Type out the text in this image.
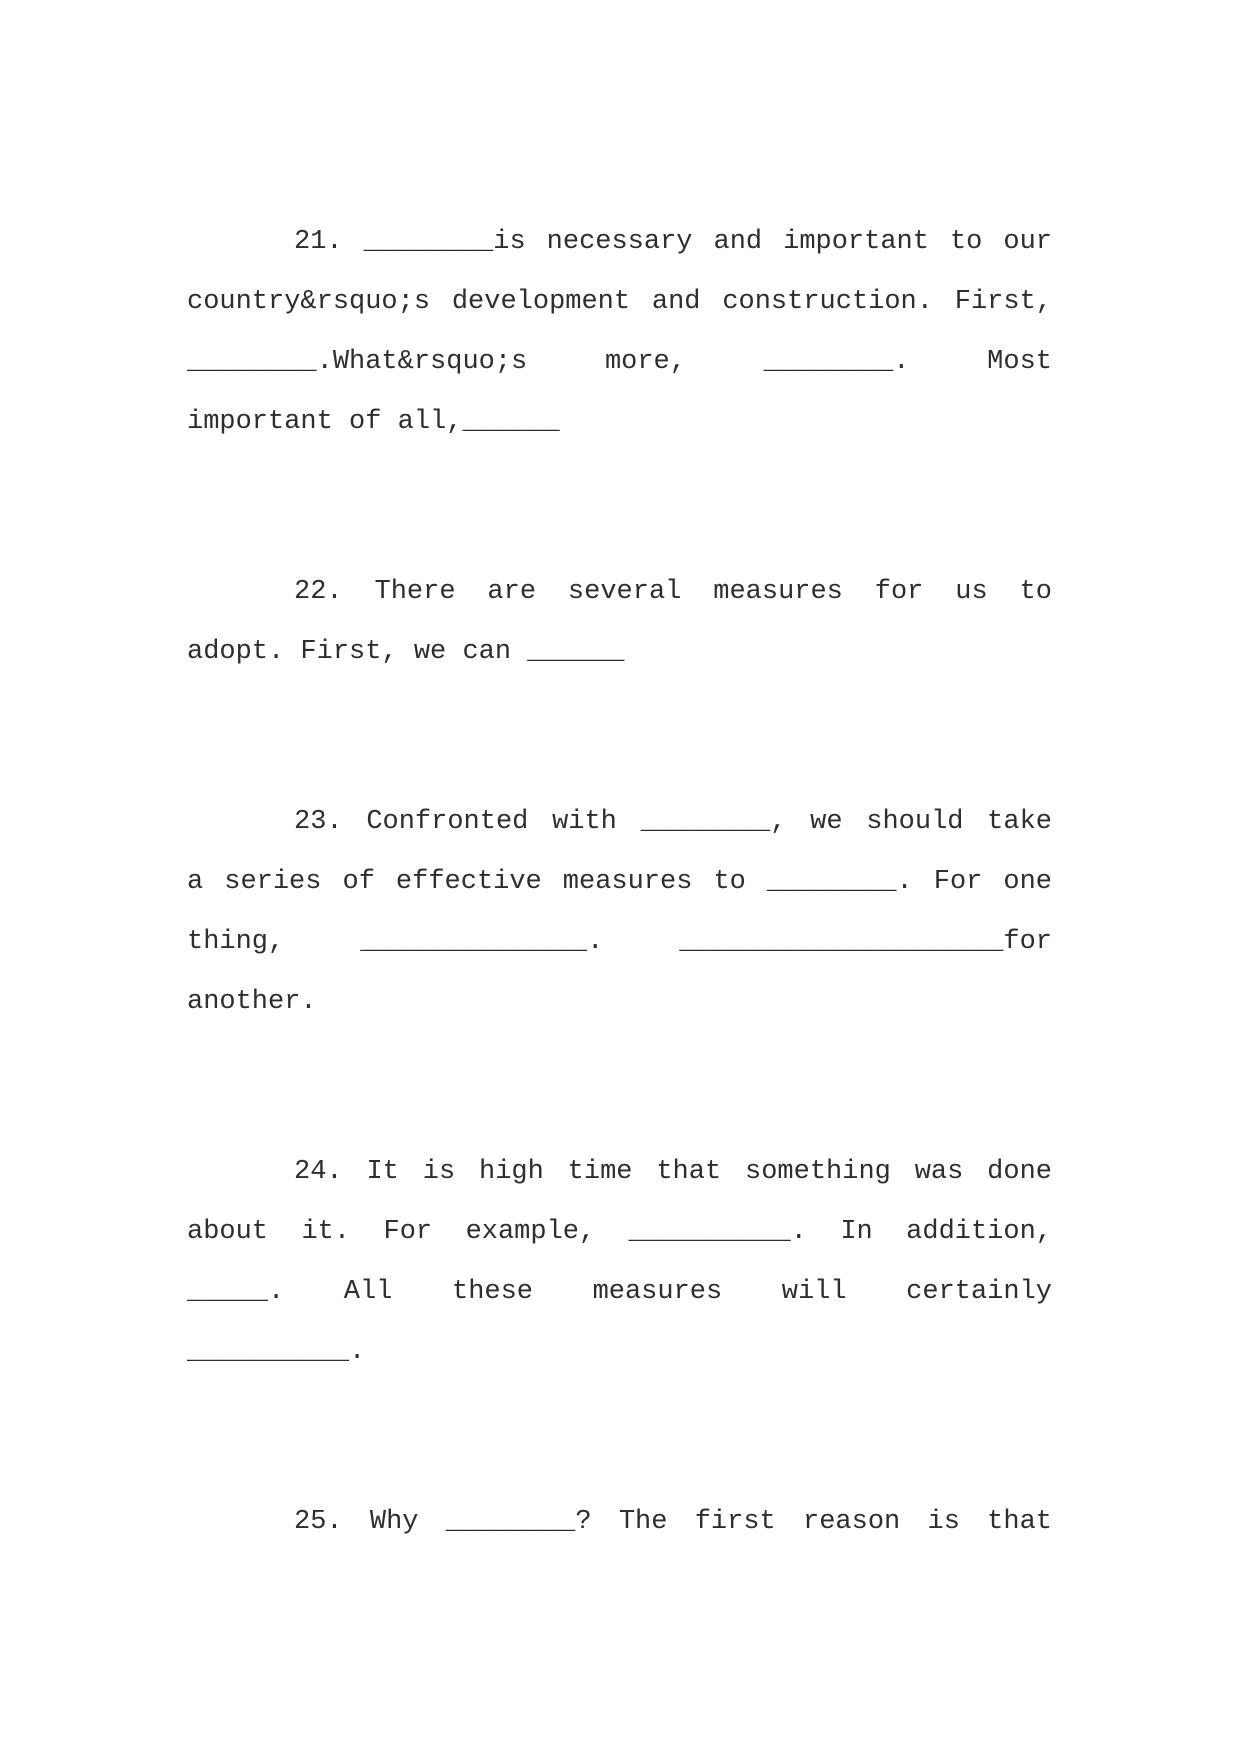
21. ________is necessary and important to our
country&rsquo;s development and construction. First,
________.What&rsquo;s more, ________. Most
important of all,______

22. There are several measures for us to
adopt. First, we can ______

23. Confronted with ________, we should take
a series of effective measures to ________. For one
thing, ______________. ____________________for
another.

24. It is high time that something was done
about it. For example, __________. In addition,
_____. All these measures will certainly
__________.

25. Why ________? The first reason is that
